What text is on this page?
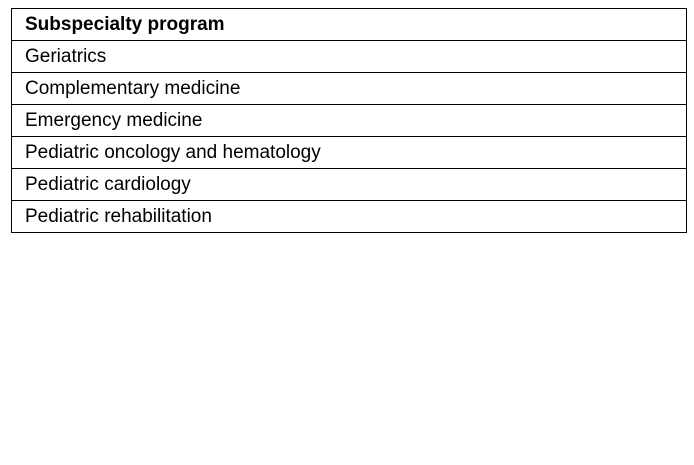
Subspecialty program
Geriatrics
Complementary medicine
Emergency medicine
Pediatric oncology and hematology
Pediatric cardiology
Pediatric rehabilitation
